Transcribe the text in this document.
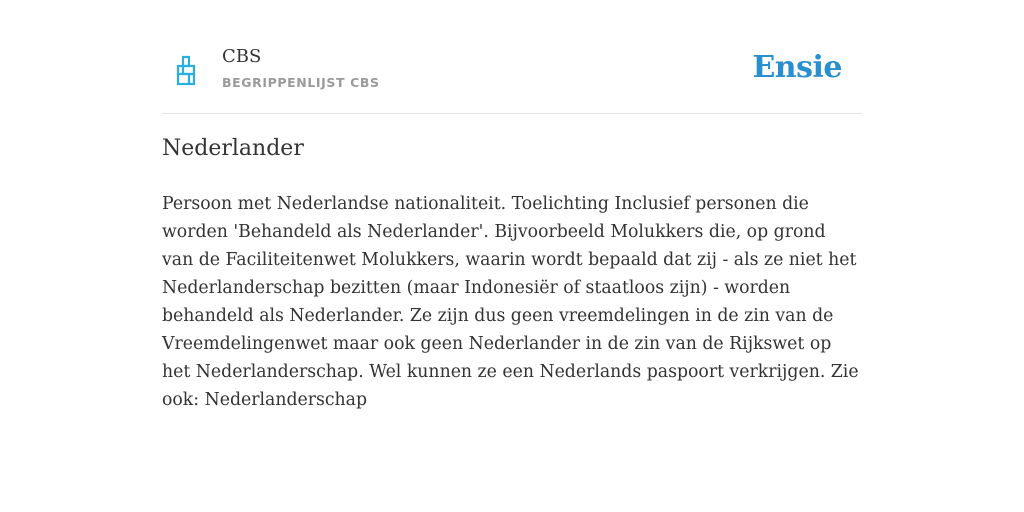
CBS
BEGRIPPENLIJST CBS	Ensie
Nederlander

Persoon met Nederlandse nationaliteit. Toelichting Inclusief personen die worden 'Behandeld als Nederlander'. Bijvoorbeeld Molukkers die, op grond van de Faciliteitenwet Molukkers, waarin wordt bepaald dat zij - als ze niet het Nederlanderschap bezitten (maar Indonesiër of staatloos zijn) - worden behandeld als Nederlander. Ze zijn dus geen vreemdelingen in de zin van de Vreemdelingenwet maar ook geen Nederlander in de zin van de Rijkswet op het Nederlanderschap. Wel kunnen ze een Nederlands paspoort verkrijgen. Zie ook: Nederlanderschap
